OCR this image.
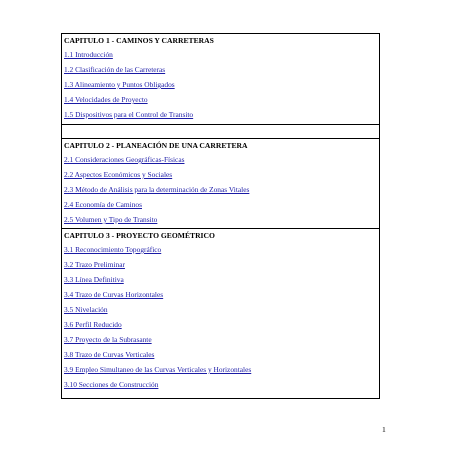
CAPITULO 1 - CAMINOS Y CARRETERAS
1.1 Introducción
1.2 Clasificación de las Carreteras
1.3 Alineamiento y Puntos Obligados
1.4 Velocidades de Proyecto
1.5 Dispositivos para el Control de Transito
CAPITULO 2 - PLANEACIÓN DE UNA CARRETERA
2.1 Consideraciones Geográficas-Físicas
2.2 Aspectos Económicos y Sociales
2.3 Método de Análisis para la determinación de Zonas Vitales
2.4 Economía de Caminos
2.5 Volumen y Tipo de Transito
CAPITULO 3 - PROYECTO GEOMÉTRICO
3.1 Reconocimiento Topográfico
3.2 Trazo Preliminar
3.3 Línea Definitiva
3.4 Trazo de Curvas Horizontales
3.5 Nivelación
3.6 Perfil Reducido
3.7 Proyecto de la Subrasante
3.8 Trazo de Curvas Verticales
3.9 Empleo Simultaneo de las Curvas Verticales y Horizontales
3.10 Secciones de Construcción
1
